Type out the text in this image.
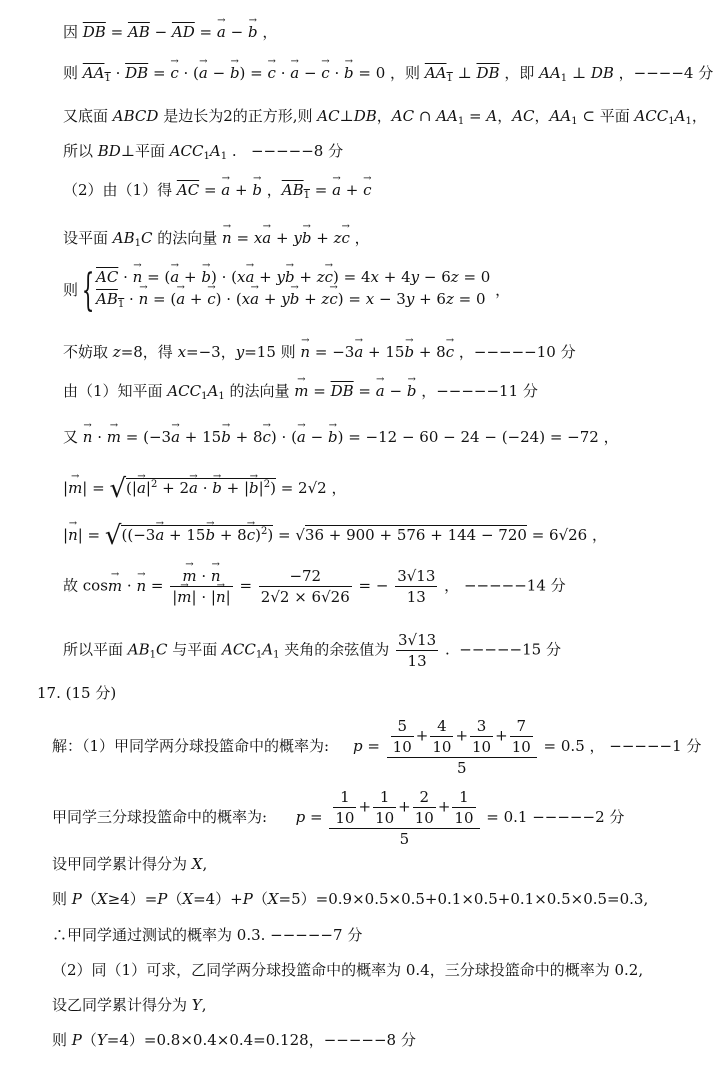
因 $\overline{DB} = \overline{AB} - \overline{AD}$ = → a − → b ，
则 $AA_1 \cdot \overline{DB}$ = → c · (→ a − → b) = → c · → a − → c · → b = 0 ，则 $AA_1$ ⊥ $\overline{DB}$ ，即 $AA_1$ ⊥ DB ，−−−−4 分
又底面 ABCD 是边长为2的正方形,则 AC⊥DB，AC ∩ $AA_1 = A$，AC，$AA_1$ ⊂ 平面 $ACC_1A_1$，
所以 BD⊥平面 $ACC_1A_1$ .   −−−−−8 分
（2）由（1）得 $\overline{AC}$ = → a + → b ，$AB_1$ = → a + → c
设平面 $AB_1C$ 的法向量 → n = x→ a + y→ b + z→ c ，
则{ $\overline{AC}$ · → n = (→ a + → b) · (x→ a + y→ b + z→ c) = 4x + 4y − 6z = 0
$AB_1$ · → n = (→ a + → c) · (x→ a + y→ b + z→ c) = x − 3y + 6z = 0 ，
不妨取 z=8，得 x=−3，y=15 则 → n = −3→ a + 15→ b + 8→ c ，−−−−−10 分
由（1）知平面 $ACC_1A_1$ 的法向量 → $m = \overline{DB}$ = → a − → b ，−−−−−11 分
又 → n · → m = (−3→ a + 15→ b + 8→ c) · (→ a − → b) = −12 − 60 − 24 − (−24) = −72 ，
|→ m| = √(|→ $a|^2 + 2\to a$ · → b + |→ $b|^2) = 2√2$ ，
|→ $n| = √((-3\to a + 15\to b + 8\to c)^2) = √36 + 900 + 576 + 144 - 720 = 6√26$ ，
故 cos→ m · → n = → $\frac{m \cdot \to n}{|\to m| \cdot |\to n|} = \frac{-72}{2√2 \times 6√26}$ = − $\frac{3√13}{13}$ ， −−−−−14 分
所以平面 $AB_1C$ 与平面 $ACC_1A_1$ 夹角的余弦值为 $\frac{3√13}{13}$ .  −−−−−15 分
17. (15 分)
解：（1）甲同学两分球投篮命中的概率为:     $p = \frac{\frac{5}{10} + \frac{4}{10} + \frac{3}{10} + \frac{7}{10}}{5} = 0.5$ ， −−−−−1 分
甲同学三分球投篮命中的概率为:      $p = \frac{\frac{1}{10} + \frac{1}{10} + \frac{2}{10} + \frac{1}{10}}{5} = 0.1 -----2$ 分
设甲同学累计得分为 X,
则 P（X≥4）=P（X=4）+P（X=5）=0.9×0.5×0.5+0.1×0.5+0.1×0.5×0.5=0.3,
∴甲同学通过测试的概率为 0.3. −−−−−7 分
（2）同（1）可求，乙同学两分球投篮命中的概率为 0.4，三分球投篮命中的概率为 0.2,
设乙同学累计得分为 Y,
则 P（Y=4）=0.8×0.4×0.4=0.128，−−−−−8 分
